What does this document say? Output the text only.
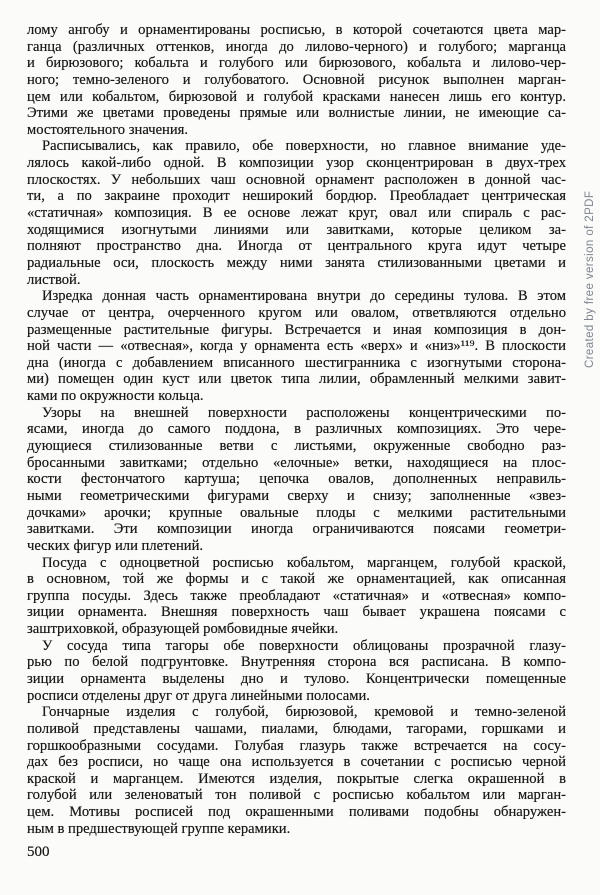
лому ангобу и орнаментированы росписью, в которой сочетаются цвета мар-
ганца (различных оттенков, иногда до лилово-черного) и голубого; марганца
и бирюзового; кобальта и голубого или бирюзового, кобальта и лилово-чер-
ного; темно-зеленого и голубоватого. Основной рисунок выполнен марган-
цем или кобальтом, бирюзовой и голубой красками нанесен лишь его контур.
Этими же цветами проведены прямые или волнистые линии, не имеющие са-
мостоятельного значения.
Расписывались, как правило, обе поверхности, но главное внимание уде-
лялось какой-либо одной. В композиции узор сконцентрирован в двух-трех
плоскостях. У небольших чаш основной орнамент расположен в донной час-
ти, а по закраине проходит неширокий бордюр. Преобладает центрическая
«статичная» композиция. В ее основе лежат круг, овал или спираль с рас-
ходящимися изогнутыми линиями или завитками, которые целиком за-
полняют пространство дна. Иногда от центрального круга идут четыре
радиальные оси, плоскость между ними занята стилизованными цветами и
листвой.
Изредка донная часть орнаментирована внутри до середины тулова. В этом
случае от центра, очерченного кругом или овалом, ответвляются отдельно
размещенные растительные фигуры. Встречается и иная композиция в дон-
ной части — «отвесная», когда у орнамента есть «верх» и «низ»¹¹⁹. В плоскости
дна (иногда с добавлением вписанного шестигранника с изогнутыми сторона-
ми) помещен один куст или цветок типа лилии, обрамленный мелкими завит-
ками по окружности кольца.
Узоры на внешней поверхности расположены концентрическими по-
ясами, иногда до самого поддона, в различных композициях. Это чере-
дующиеся стилизованные ветви с листьями, окруженные свободно раз-
бросанными завитками; отдельно «елочные» ветки, находящиеся на плос-
кости фестончатого картуша; цепочка овалов, дополненных неправиль-
ными геометрическими фигурами сверху и снизу; заполненные «звез-
дочками» арочки; крупные овальные плоды с мелкими растительными
завитками. Эти композиции иногда ограничиваются поясами геометри-
ческих фигур или плетений.
Посуда с одноцветной росписью кобальтом, марганцем, голубой краской,
в основном, той же формы и с такой же орнаментацией, как описанная
группа посуды. Здесь также преобладают «статичная» и «отвесная» компо-
зиции орнамента. Внешняя поверхность чаш бывает украшена поясами с
заштриховкой, образующей ромбовидные ячейки.
У сосуда типа тагоры обе поверхности облицованы прозрачной глазу-
рью по белой подгрунтовке. Внутренняя сторона вся расписана. В компо-
зиции орнамента выделены дно и тулово. Концентрически помещенные
росписи отделены друг от друга линейными полосами.
Гончарные изделия с голубой, бирюзовой, кремовой и темно-зеленой
поливой представлены чашами, пиалами, блюдами, тагорами, горшками и
горшкообразными сосудами. Голубая глазурь также встречается на сосу-
дах без росписи, но чаще она используется в сочетании с росписью черной
краской и марганцем. Имеются изделия, покрытые слегка окрашенной в
голубой или зеленоватый тон поливой с росписью кобальтом или марган-
цем. Мотивы росписей под окрашенными поливами подобны обнаружен-
ным в предшествующей группе керамики.
500
Created by free version of 2PDF
